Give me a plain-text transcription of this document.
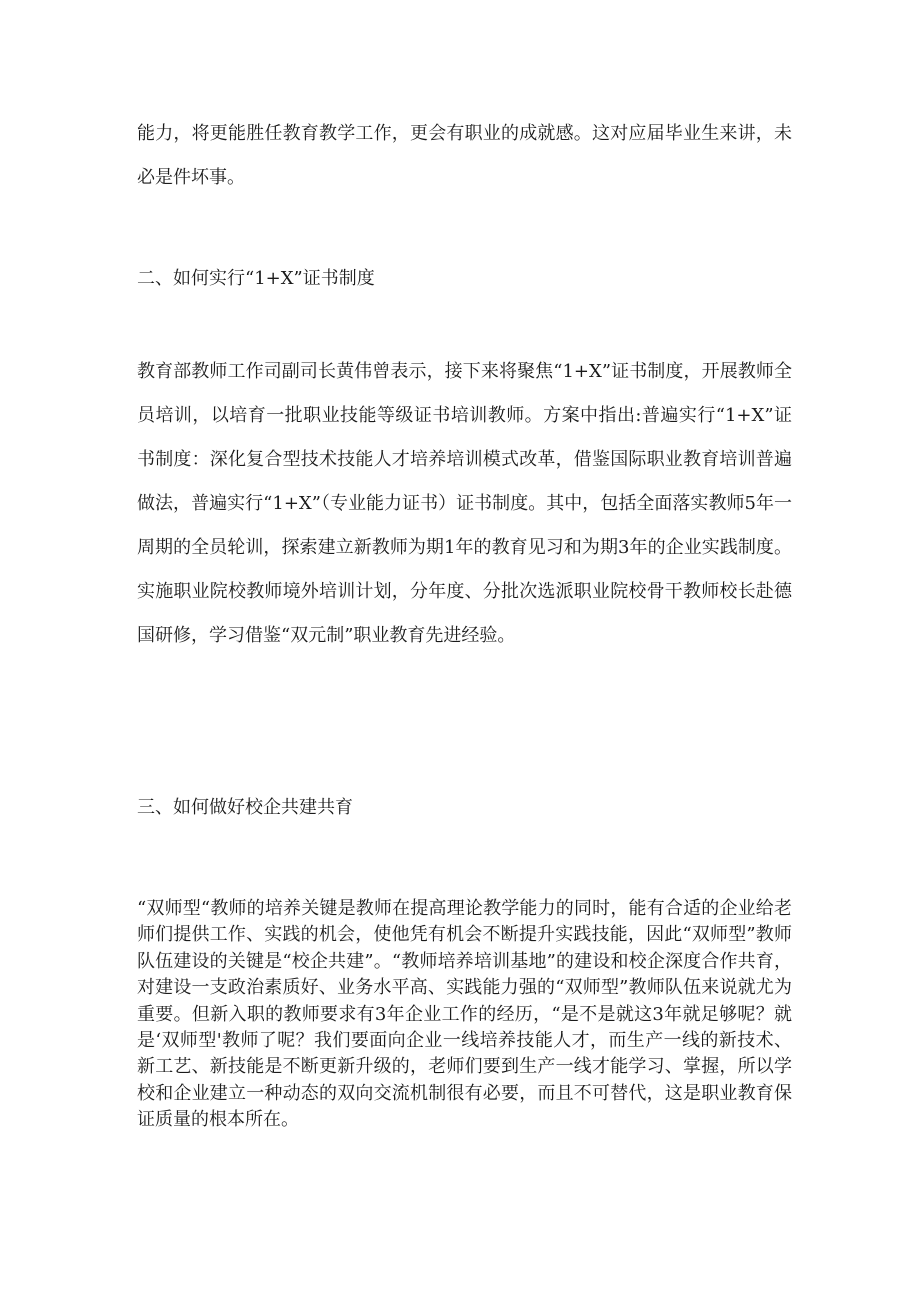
能力，将更能胜任教育教学工作，更会有职业的成就感。这对应届毕业生来讲，未必是件坏事。

二、如何实行“1+X”证书制度

教育部教师工作司副司长黄伟曾表示，接下来将聚焦“1+X”证书制度，开展教师全员培训，以培育一批职业技能等级证书培训教师。方案中指出:普遍实行“1+X”证书制度：深化复合型技术技能人才培养培训模式改革，借鉴国际职业教育培训普遍做法，普遍实行“1+X”（专业能力证书）证书制度。其中，包括全面落实教师5年一周期的全员轮训，探索建立新教师为期1年的教育见习和为期3年的企业实践制度。实施职业院校教师境外培训计划，分年度、分批次选派职业院校骨干教师校长赴德国研修，学习借鉴“双元制”职业教育先进经验。

三、如何做好校企共建共育

“双师型“教师的培养关键是教师在提高理论教学能力的同时，能有合适的企业给老师们提供工作、实践的机会，使他凭有机会不断提升实践技能，因此“双师型”教师队伍建设的关键是“校企共建”。“教师培养培训基地”的建设和校企深度合作共育，对建设一支政治素质好、业务水平高、实践能力强的“双师型”教师队伍来说就尤为重要。但新入职的教师要求有3年企业工作的经历，“是不是就这3年就足够呢？就是‘双师型'教师了呢？我们要面向企业一线培养技能人才，而生产一线的新技术、新工艺、新技能是不断更新升级的，老师们要到生产一线才能学习、掌握，所以学校和企业建立一种动态的双向交流机制很有必要，而且不可替代，这是职业教育保证质量的根本所在。
